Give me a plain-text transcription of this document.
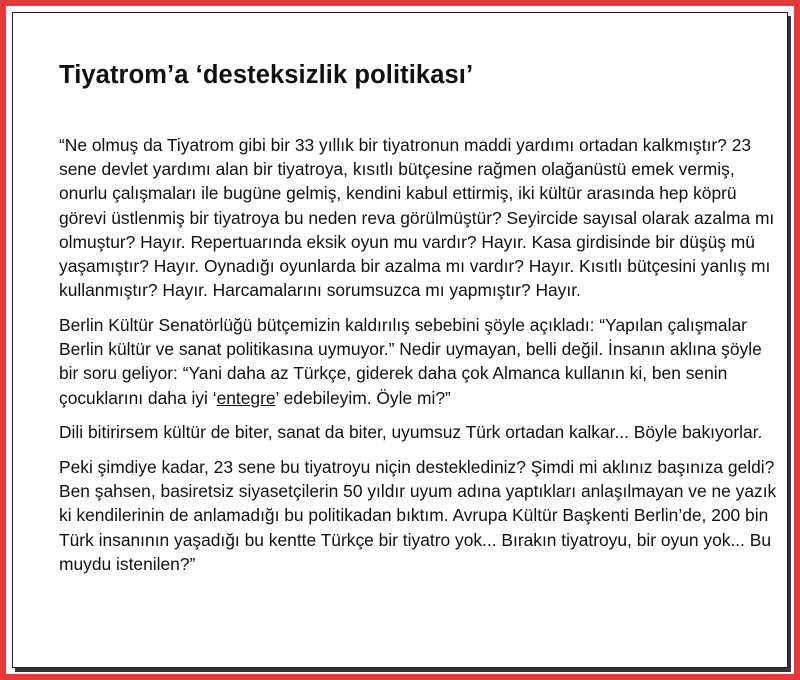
Tiyatrom’a ‘desteksizlik politikası’

“Ne olmuş da Tiyatrom gibi bir 33 yıllık bir tiyatronun maddi yardımı ortadan kalkmıştır? 23 sene devlet yardımı alan bir tiyatroya, kısıtlı bütçesine rağmen olağanüstü emek vermiş, onurlu çalışmaları ile bugüne gelmiş, kendini kabul ettirmiş, iki kültür arasında hep köprü görevi üstlenmiş bir tiyatroya bu neden reva görülmüştür? Seyircide sayısal olarak azalma mı olmuştur? Hayır. Repertuarında eksik oyun mu vardır? Hayır. Kasa girdisinde bir düşüş mü yaşamıştır? Hayır. Oynadığı oyunlarda bir azalma mı vardır? Hayır. Kısıtlı bütçesini yanlış mı kullanmıştır? Hayır. Harcamalarını sorumsuzca mı yapmıştır? Hayır.

Berlin Kültür Senatörlüğü bütçemizin kaldırılış sebebini şöyle açıkladı: “Yapılan çalışmalar Berlin kültür ve sanat politikasına uymuyor.” Nedir uymayan, belli değil. İnsanın aklına şöyle bir soru geliyor: “Yani daha az Türkçe, giderek daha çok Almanca kullanın ki, ben senin çocuklarını daha iyi ‘entegre’ edebileyim. Öyle mi?”

Dili bitirirsem kültür de biter, sanat da biter, uyumsuz Türk ortadan kalkar... Böyle bakıyorlar.

Peki şimdiye kadar, 23 sene bu tiyatroyu niçin desteklediniz? Şimdi mi aklınız başınıza geldi? Ben şahsen, basiretsiz siyasetçilerin 50 yıldır uyum adına yaptıkları anlaşılmayan ve ne yazık ki kendilerinin de anlamadığı bu politikadan bıktım. Avrupa Kültür Başkenti Berlin’de, 200 bin Türk insanının yaşadığı bu kentte Türkçe bir tiyatro yok... Bırakın tiyatroyu, bir oyun yok... Bu muydu istenilen?”
